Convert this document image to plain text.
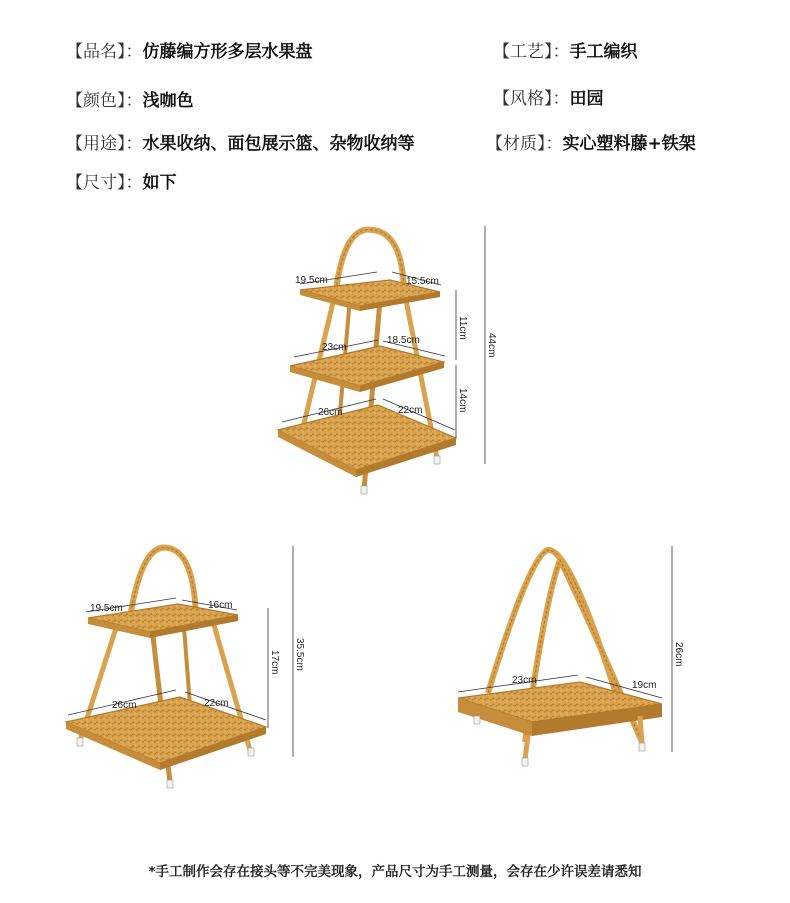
【品名】：仿藤编方形多层水果盘	【工艺】：手工编织
【颜色】：浅咖色	【风格】：田园
【用途】：水果收纳、面包展示篮、杂物收纳等	【材质】：实心塑料藤+铁架
【尺寸】：如下
19.5cm	15.5cm
23cm
18.5cm
26cm	22cm
11cm
14cm
44cm
19.5cm	16cm
26cm	22cm
17cm 35.5cm
23cm	19cm
26cm
*手工制作会存在接头等不完美现象，产品尺寸为手工测量，会存在少许误差请悉知
